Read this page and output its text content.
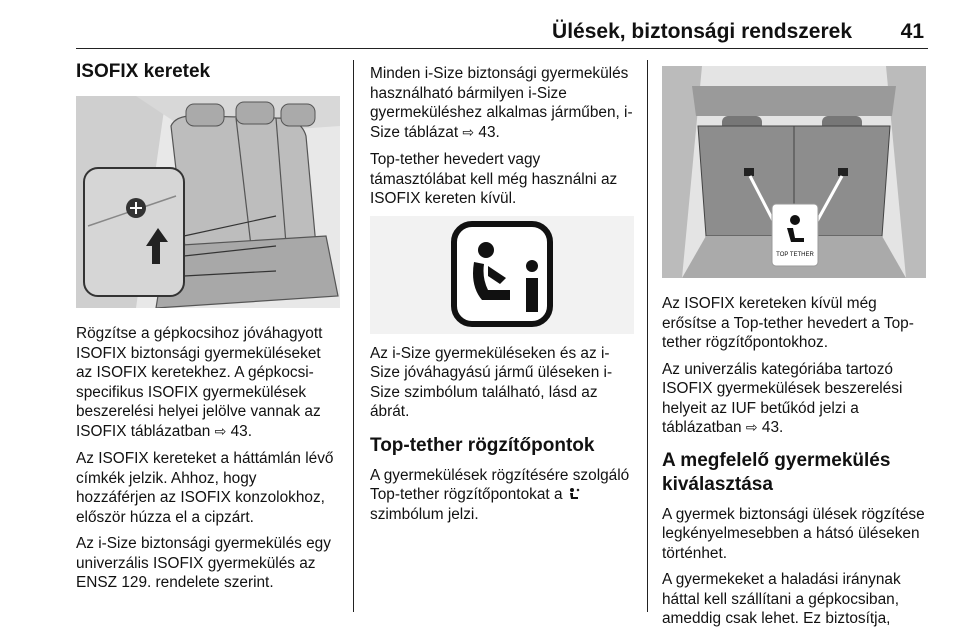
Ülések, biztonsági rendszerek 41
ISOFIX keretek

Rögzítse a gépkocsihoz jóváhagyott ISOFIX biztonsági gyermeküléseket az ISOFIX keretekhez. A gépkocsi-specifikus ISOFIX gyermekülések beszerelési helyei jelölve vannak az ISOFIX táblázatban ⇨ 43.

Az ISOFIX kereteket a háttámlán lévő címkék jelzik. Ahhoz, hogy hozzáférjen az ISOFIX konzolokhoz, először húzza el a cipzárt.

Az i-Size biztonsági gyermekülés egy univerzális ISOFIX gyermekülés az ENSZ 129. rendelete szerint.

Minden i-Size biztonsági gyermekülés használható bármilyen i-Size gyermeküléshez alkalmas járműben, i-Size táblázat ⇨ 43.

Top-tether hevedert vagy támasztólábat kell még használni az ISOFIX kereten kívül.

Az i-Size gyermeküléseken és az i-Size jóváhagyású jármű üléseken i-Size szimbólum található, lásd az ábrát.

Top-tether rögzítőpontok

A gyermekülések rögzítésére szolgáló Top-tether rögzítőpontokat a  szimbólum jelzi.

TOP TETHER

Az ISOFIX kereteken kívül még erősítse a Top-tether hevedert a Top-tether rögzítőpontokhoz.

Az univerzális kategóriába tartozó ISOFIX gyermekülések beszerelési helyeit az IUF betűkód jelzi a táblázatban ⇨ 43.

A megfelelő gyermekülés kiválasztása

A gyermek biztonsági ülések rögzítése legkényelmesebben a hátsó üléseken történhet.

A gyermekeket a haladási iránynak háttal kell szállítani a gépkocsiban, ameddig csak lehet. Ez biztosítja,
